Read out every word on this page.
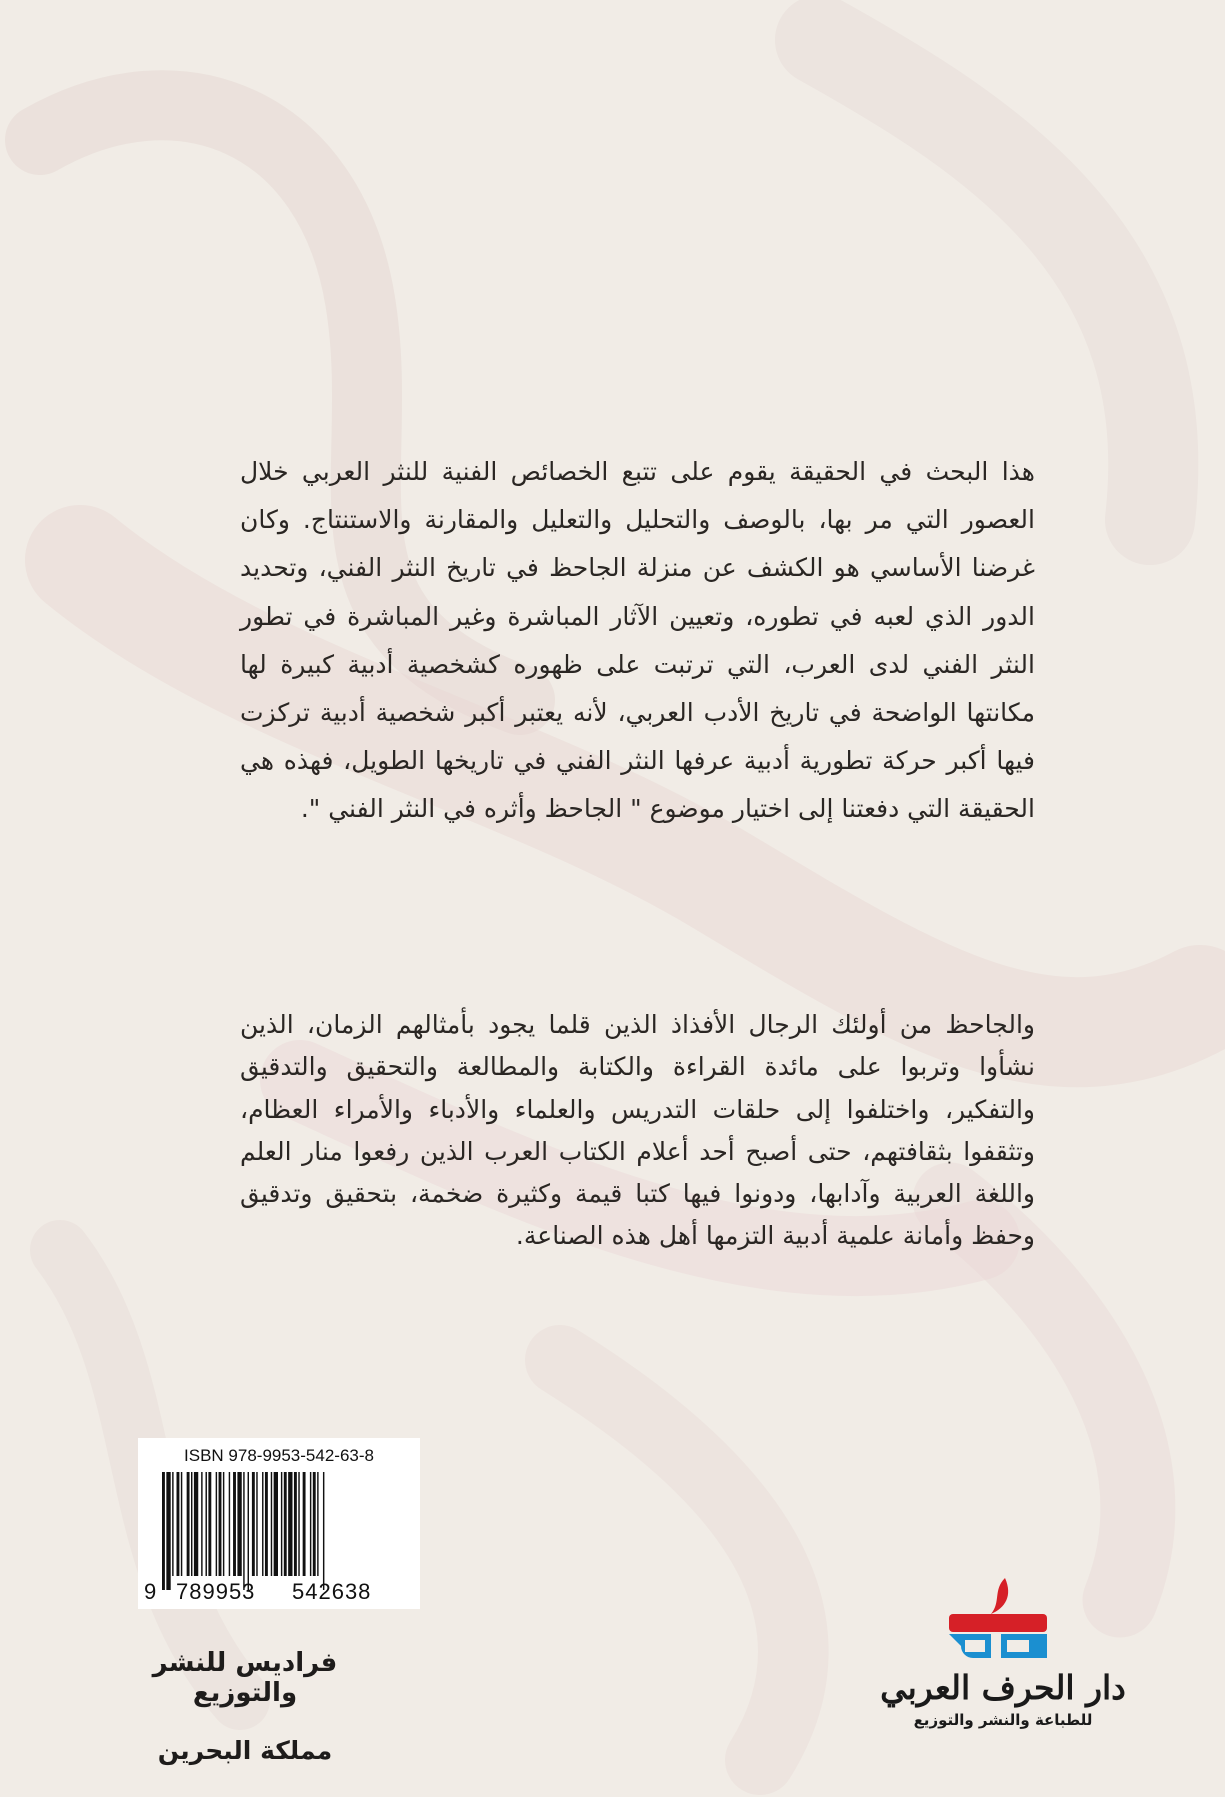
هذا البحث في الحقيقة يقوم على تتبع الخصائص الفنية للنثر العربي خلال العصور التي مر بها، بالوصف والتحليل والتعليل والمقارنة والاستنتاج. وكان غرضنا الأساسي هو الكشف عن منزلة الجاحظ في تاريخ النثر الفني، وتحديد الدور الذي لعبه في تطوره، وتعيين الآثار المباشرة وغير المباشرة في تطور النثر الفني لدى العرب، التي ترتبت على ظهوره كشخصية أدبية كبيرة لها مكانتها الواضحة في تاريخ الأدب العربي، لأنه يعتبر أكبر شخصية أدبية تركزت فيها أكبر حركة تطورية أدبية عرفها النثر الفني في تاريخها الطويل، فهذه هي الحقيقة التي دفعتنا إلى اختيار موضوع " الجاحظ وأثره في النثر الفني ".
والجاحظ من أولئك الرجال الأفذاذ الذين قلما يجود بأمثالهم الزمان، الذين نشأوا وتربوا على مائدة القراءة والكتابة والمطالعة والتحقيق والتدقيق والتفكير، واختلفوا إلى حلقات التدريس والعلماء والأدباء والأمراء العظام، وتثقفوا بثقافتهم، حتى أصبح أحد أعلام الكتاب العرب الذين رفعوا منار العلم واللغة العربية وآدابها، ودونوا فيها كتبا قيمة وكثيرة ضخمة، بتحقيق وتدقيق وحفظ وأمانة علمية أدبية التزمها أهل هذه الصناعة.
ISBN 978-9953-542-63-8
9 789953 542638
فراديس للنشر والتوزيع
مملكة البحرين
دار الحرف العربي
للطباعة والنشر والتوزيع
